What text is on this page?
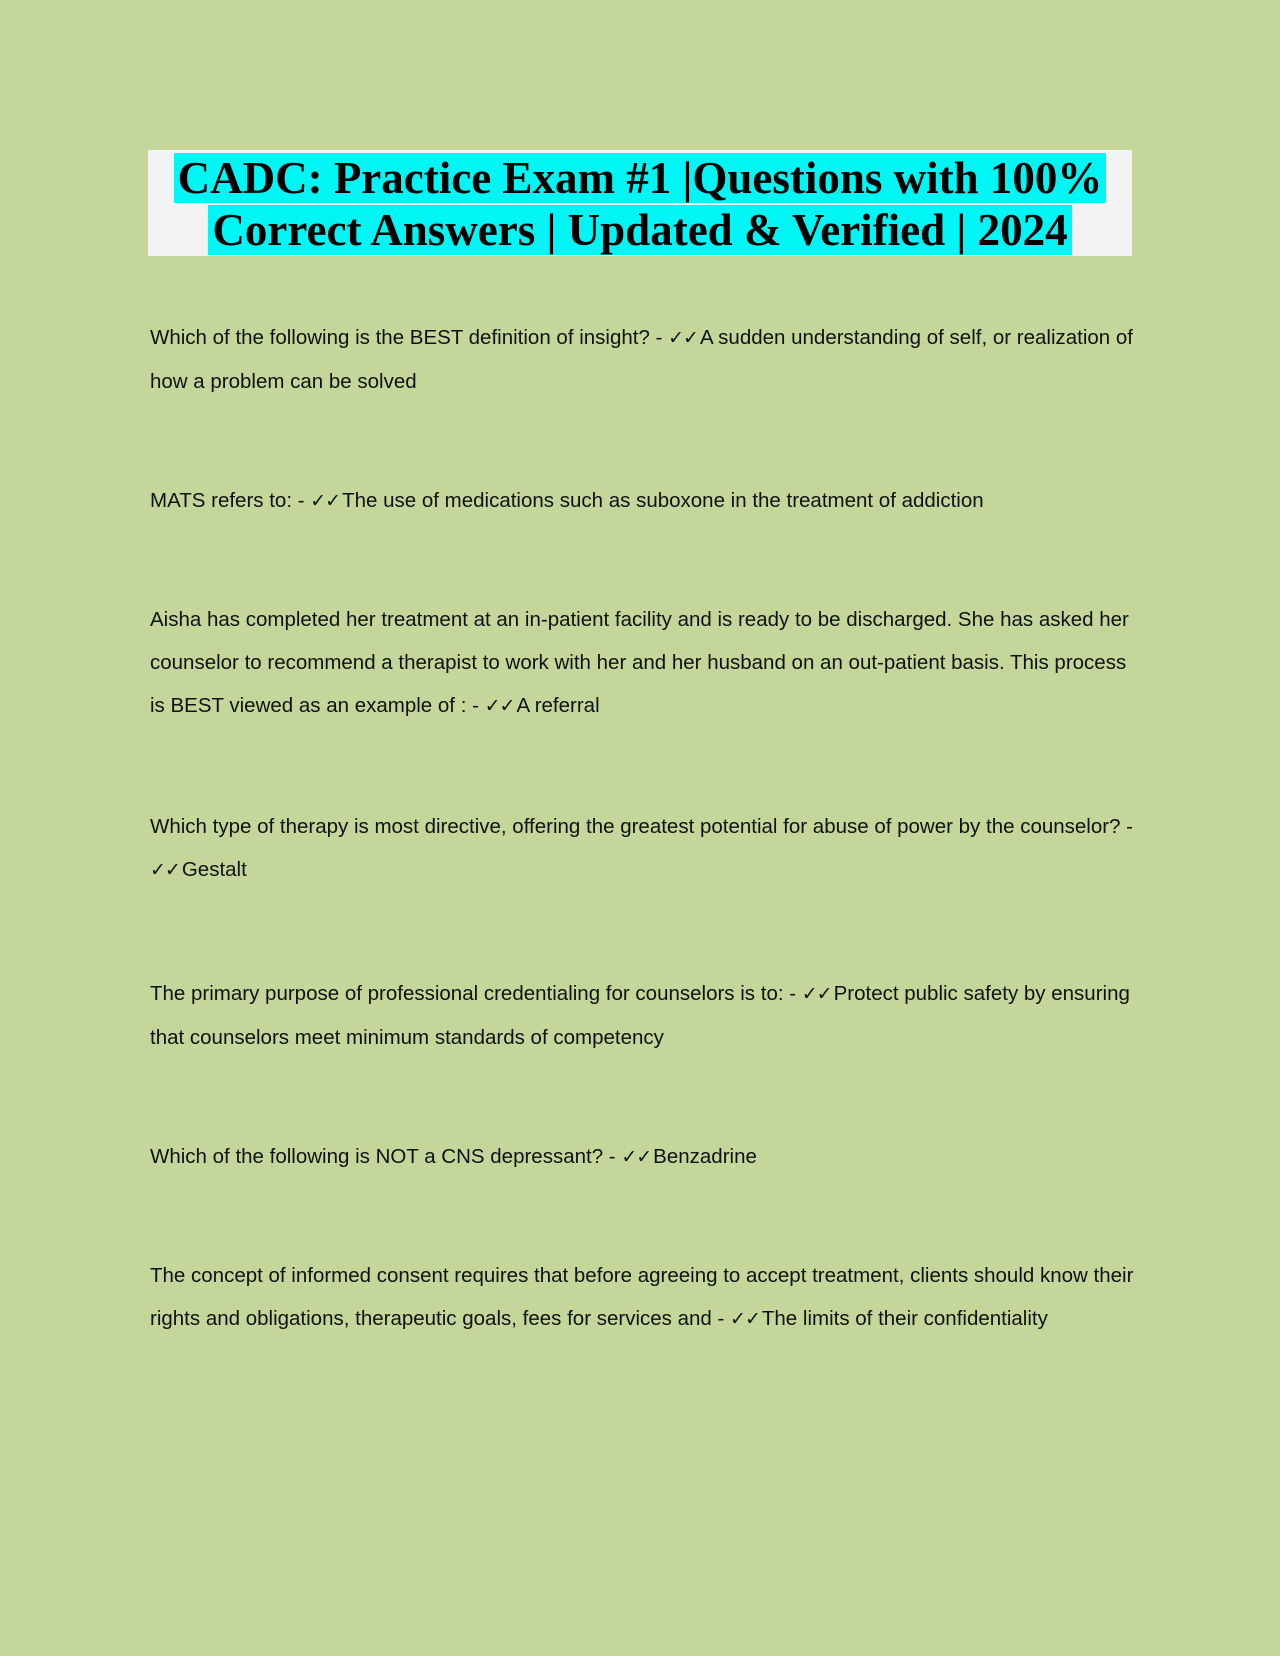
CADC: Practice Exam #1 |Questions with 100%
Correct Answers | Updated & Verified | 2024

Which of the following is the BEST definition of insight? - ✓✓A sudden understanding of self, or realization of how a problem can be solved

MATS refers to: - ✓✓The use of medications such as suboxone in the treatment of addiction

Aisha has completed her treatment at an in-patient facility and is ready to be discharged. She has asked her counselor to recommend a therapist to work with her and her husband on an out-patient basis. This process is BEST viewed as an example of : - ✓✓A referral

Which type of therapy is most directive, offering the greatest potential for abuse of power by the counselor? - ✓✓Gestalt

The primary purpose of professional credentialing for counselors is to: - ✓✓Protect public safety by ensuring that counselors meet minimum standards of competency

Which of the following is NOT a CNS depressant? - ✓✓Benzadrine

The concept of informed consent requires that before agreeing to accept treatment, clients should know their rights and obligations, therapeutic goals, fees for services and - ✓✓The limits of their confidentiality
